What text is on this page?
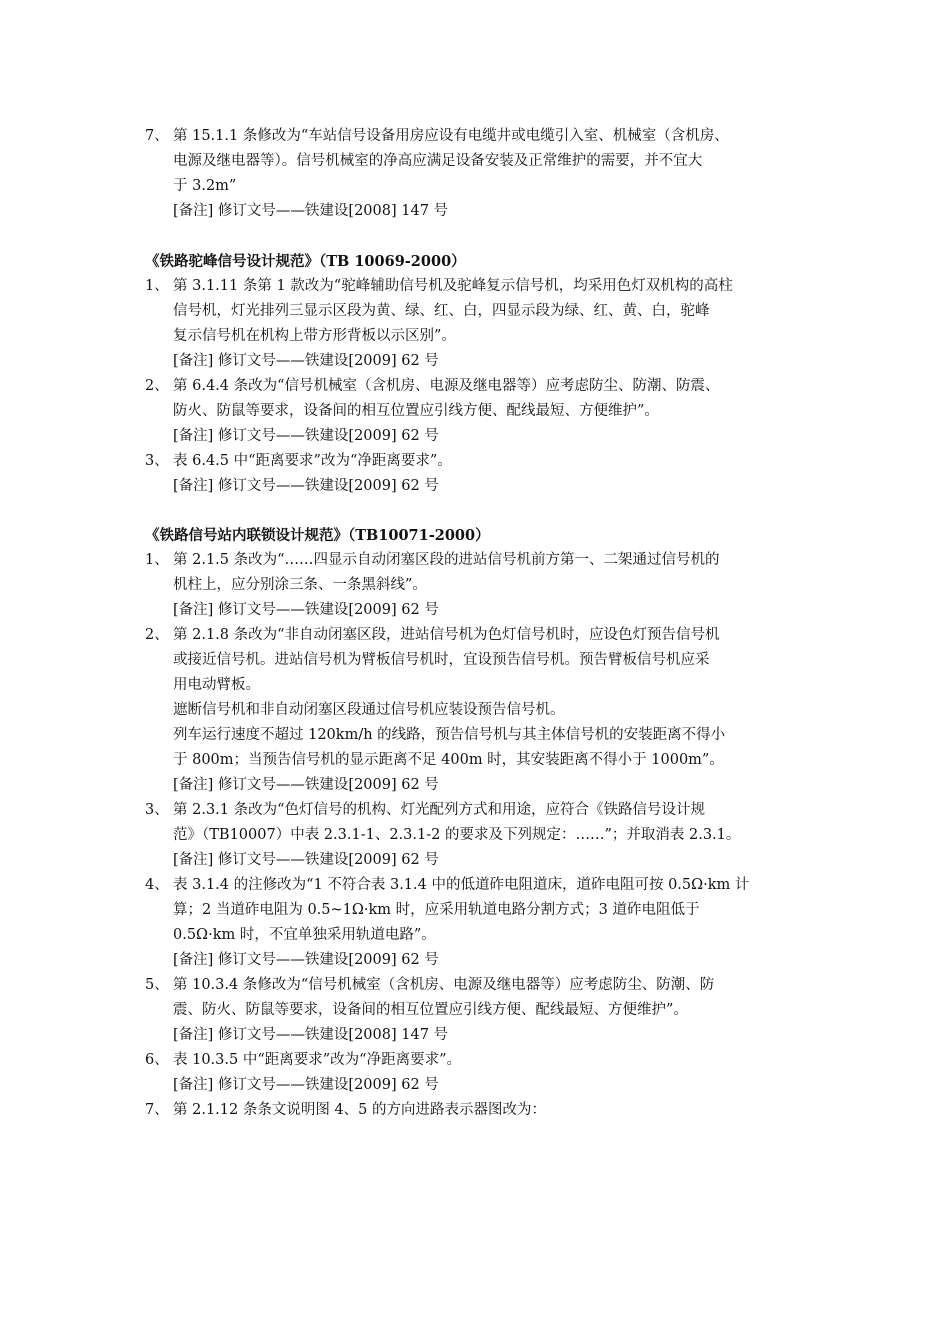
7、 第 15.1.1 条修改为“车站信号设备用房应设有电缆井或电缆引入室、机械室（含机房、
电源及继电器等）。信号机械室的净高应满足设备安装及正常维护的需要，并不宜大
于 3.2m”
[备注] 修订文号——铁建设[2008] 147 号
《铁路驼峰信号设计规范》（TB 10069-2000）
1、 第 3.1.11 条第 1 款改为“驼峰辅助信号机及驼峰复示信号机，均采用色灯双机构的高柱
信号机，灯光排列三显示区段为黄、绿、红、白，四显示段为绿、红、黄、白，驼峰
复示信号机在机构上带方形背板以示区别”。
[备注] 修订文号——铁建设[2009] 62 号
2、 第 6.4.4 条改为“信号机械室（含机房、电源及继电器等）应考虑防尘、防潮、防震、
防火、防鼠等要求，设备间的相互位置应引线方便、配线最短、方便维护”。
[备注] 修订文号——铁建设[2009] 62 号
3、 表 6.4.5 中“距离要求”改为“净距离要求”。
[备注] 修订文号——铁建设[2009] 62 号
《铁路信号站内联锁设计规范》（TB10071-2000）
1、 第 2.1.5 条改为“……四显示自动闭塞区段的进站信号机前方第一、二架通过信号机的
机柱上，应分别涂三条、一条黑斜线”。
[备注] 修订文号——铁建设[2009] 62 号
2、 第 2.1.8 条改为“非自动闭塞区段，进站信号机为色灯信号机时，应设色灯预告信号机
或接近信号机。进站信号机为臂板信号机时，宜设预告信号机。预告臂板信号机应采
用电动臂板。
遮断信号机和非自动闭塞区段通过信号机应装设预告信号机。
列车运行速度不超过 120km/h 的线路，预告信号机与其主体信号机的安装距离不得小
于 800m；当预告信号机的显示距离不足 400m 时，其安装距离不得小于 1000m”。
[备注] 修订文号——铁建设[2009] 62 号
3、 第 2.3.1 条改为“色灯信号的机构、灯光配列方式和用途，应符合《铁路信号设计规
范》（TB10007）中表 2.3.1-1、2.3.1-2 的要求及下列规定：……”；并取消表 2.3.1。
[备注] 修订文号——铁建设[2009] 62 号
4、 表 3.1.4 的注修改为“1 不符合表 3.1.4 中的低道砟电阻道床，道砟电阻可按 0.5Ω·km 计
算；2 当道砟电阻为 0.5~1Ω·km 时，应采用轨道电路分割方式；3 道砟电阻低于
0.5Ω·km 时，不宜单独采用轨道电路”。
[备注] 修订文号——铁建设[2009] 62 号
5、 第 10.3.4 条修改为“信号机械室（含机房、电源及继电器等）应考虑防尘、防潮、防
震、防火、防鼠等要求，设备间的相互位置应引线方便、配线最短、方便维护”。
[备注] 修订文号——铁建设[2008] 147 号
6、 表 10.3.5 中“距离要求”改为“净距离要求”。
[备注] 修订文号——铁建设[2009] 62 号
7、 第 2.1.12 条条文说明图 4、5 的方向进路表示器图改为：
